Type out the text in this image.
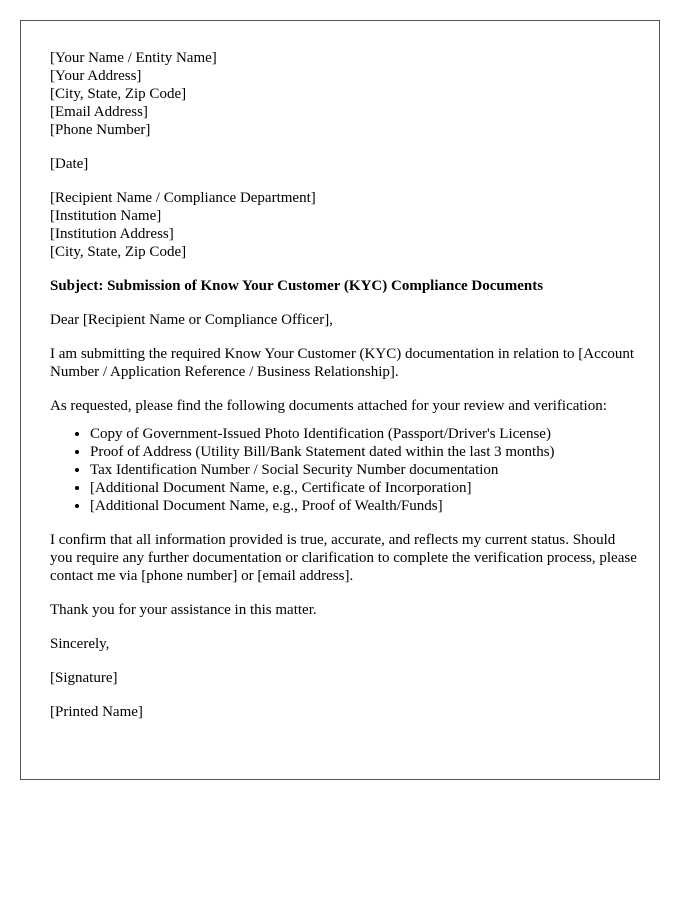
[Your Name / Entity Name]
[Your Address]
[City, State, Zip Code]
[Email Address]
[Phone Number]
[Date]
[Recipient Name / Compliance Department]
[Institution Name]
[Institution Address]
[City, State, Zip Code]

Subject: Submission of Know Your Customer (KYC) Compliance Documents

Dear [Recipient Name or Compliance Officer],

I am submitting the required Know Your Customer (KYC) documentation in relation to [Account Number / Application Reference / Business Relationship].

As requested, please find the following documents attached for your review and verification:

• Copy of Government-Issued Photo Identification (Passport/Driver's License)
• Proof of Address (Utility Bill/Bank Statement dated within the last 3 months)
• Tax Identification Number / Social Security Number documentation
• [Additional Document Name, e.g., Certificate of Incorporation]
• [Additional Document Name, e.g., Proof of Wealth/Funds]

I confirm that all information provided is true, accurate, and reflects my current status. Should you require any further documentation or clarification to complete the verification process, please contact me via [phone number] or [email address].

Thank you for your assistance in this matter.

Sincerely,

[Signature]

[Printed Name]
